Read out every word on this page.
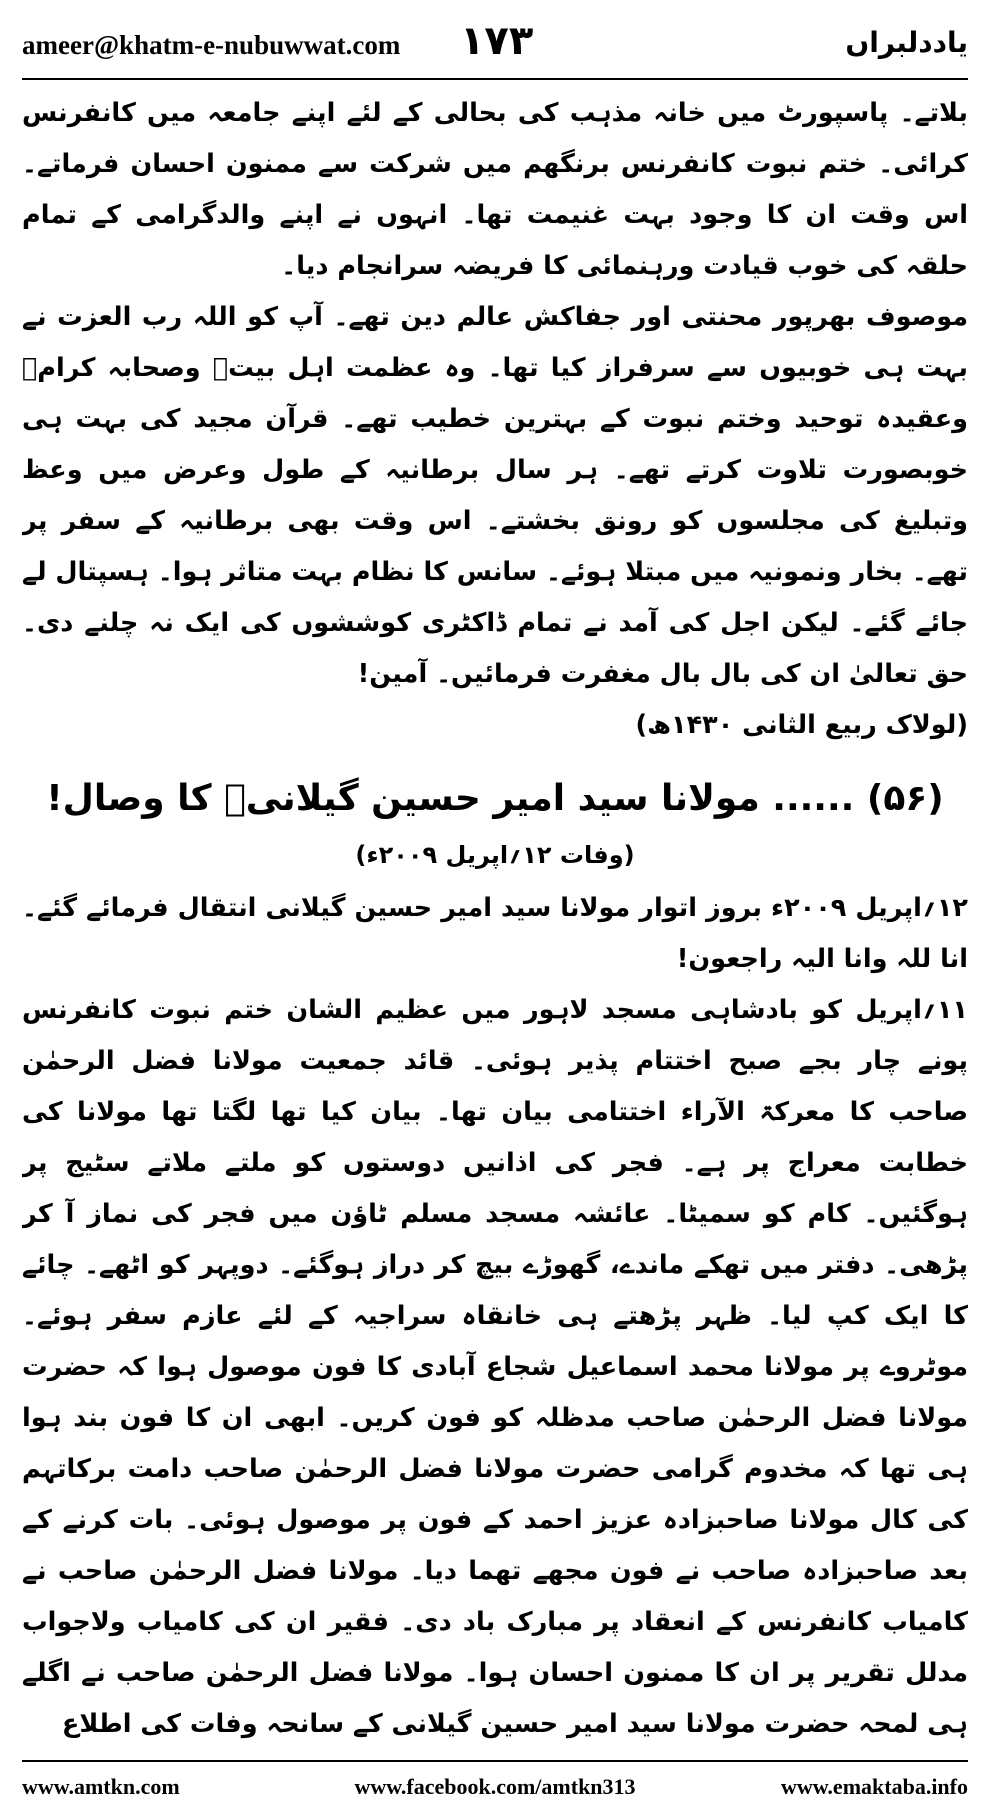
ameer@khatm-e-nubuwwat.com ۱۷۳	یاددلبراں

بلاتے۔ پاسپورٹ میں خانہ مذہب کی بحالی کے لئے اپنے جامعہ میں کانفرنس کرائی۔ ختم نبوت کانفرنس برنگھم میں شرکت سے ممنون احسان فرماتے۔ اس وقت ان کا وجود بہت غنیمت تھا۔ انہوں نے اپنے والدگرامی کے تمام حلقہ کی خوب قیادت ورہنمائی کا فریضہ سرانجام دیا۔

موصوف بھرپور محنتی اور جفاکش عالم دین تھے۔ آپ کو اللہ رب العزت نے بہت ہی خوبیوں سے سرفراز کیا تھا۔ وہ عظمت اہل بیتؓ وصحابہ کرامؓ وعقیدہ توحید وختم نبوت کے بہترین خطیب تھے۔ قرآن مجید کی بہت ہی خوبصورت تلاوت کرتے تھے۔ ہر سال برطانیہ کے طول وعرض میں وعظ وتبلیغ کی مجلسوں کو رونق بخشتے۔ اس وقت بھی برطانیہ کے سفر پر تھے۔ بخار ونمونیہ میں مبتلا ہوئے۔ سانس کا نظام بہت متاثر ہوا۔ ہسپتال لے جائے گئے۔ لیکن اجل کی آمد نے تمام ڈاکٹری کوششوں کی ایک نہ چلنے دی۔ حق تعالیٰ ان کی بال بال مغفرت فرمائیں۔ آمین!

(لولاک ربیع الثانی ۱۴۳۰ھ)

(۵۶) ...... مولانا سید امیر حسین گیلانیؒ کا وصال!
(وفات ۱۲؍اپریل ۲۰۰۹ء)

۱۲؍اپریل ۲۰۰۹ء بروز اتوار مولانا سید امیر حسین گیلانی انتقال فرمائے گئے۔ انا للہ وانا الیہ راجعون!

۱۱؍اپریل کو بادشاہی مسجد لاہور میں عظیم الشان ختم نبوت کانفرنس پونے چار بجے صبح اختتام پذیر ہوئی۔ قائد جمعیت مولانا فضل الرحمٰن صاحب کا معرکۃ الآراء اختتامی بیان تھا۔ بیان کیا تھا لگتا تھا مولانا کی خطابت معراج پر ہے۔ فجر کی اذانیں دوستوں کو ملتے ملاتے سٹیج پر ہوگئیں۔ کام کو سمیٹا۔ عائشہ مسجد مسلم ٹاؤن میں فجر کی نماز آ کر پڑھی۔ دفتر میں تھکے ماندے، گھوڑے بیچ کر دراز ہوگئے۔ دوپہر کو اٹھے۔ چائے کا ایک کپ لیا۔ ظہر پڑھتے ہی خانقاہ سراجیہ کے لئے عازم سفر ہوئے۔ موٹروے پر مولانا محمد اسماعیل شجاع آبادی کا فون موصول ہوا کہ حضرت مولانا فضل الرحمٰن صاحب مدظلہ کو فون کریں۔ ابھی ان کا فون بند ہوا ہی تھا کہ مخدوم گرامی حضرت مولانا فضل الرحمٰن صاحب دامت برکاتہم کی کال مولانا صاحبزادہ عزیز احمد کے فون پر موصول ہوئی۔ بات کرنے کے بعد صاحبزادہ صاحب نے فون مجھے تھما دیا۔ مولانا فضل الرحمٰن صاحب نے کامیاب کانفرنس کے انعقاد پر مبارک باد دی۔ فقیر ان کی کامیاب ولاجواب مدلل تقریر پر ان کا ممنون احسان ہوا۔ مولانا فضل الرحمٰن صاحب نے اگلے ہی لمحہ حضرت مولانا سید امیر حسین گیلانی کے سانحہ وفات کی اطلاع

www.amtkn.com	www.facebook.com/amtkn313	www.emaktaba.info
